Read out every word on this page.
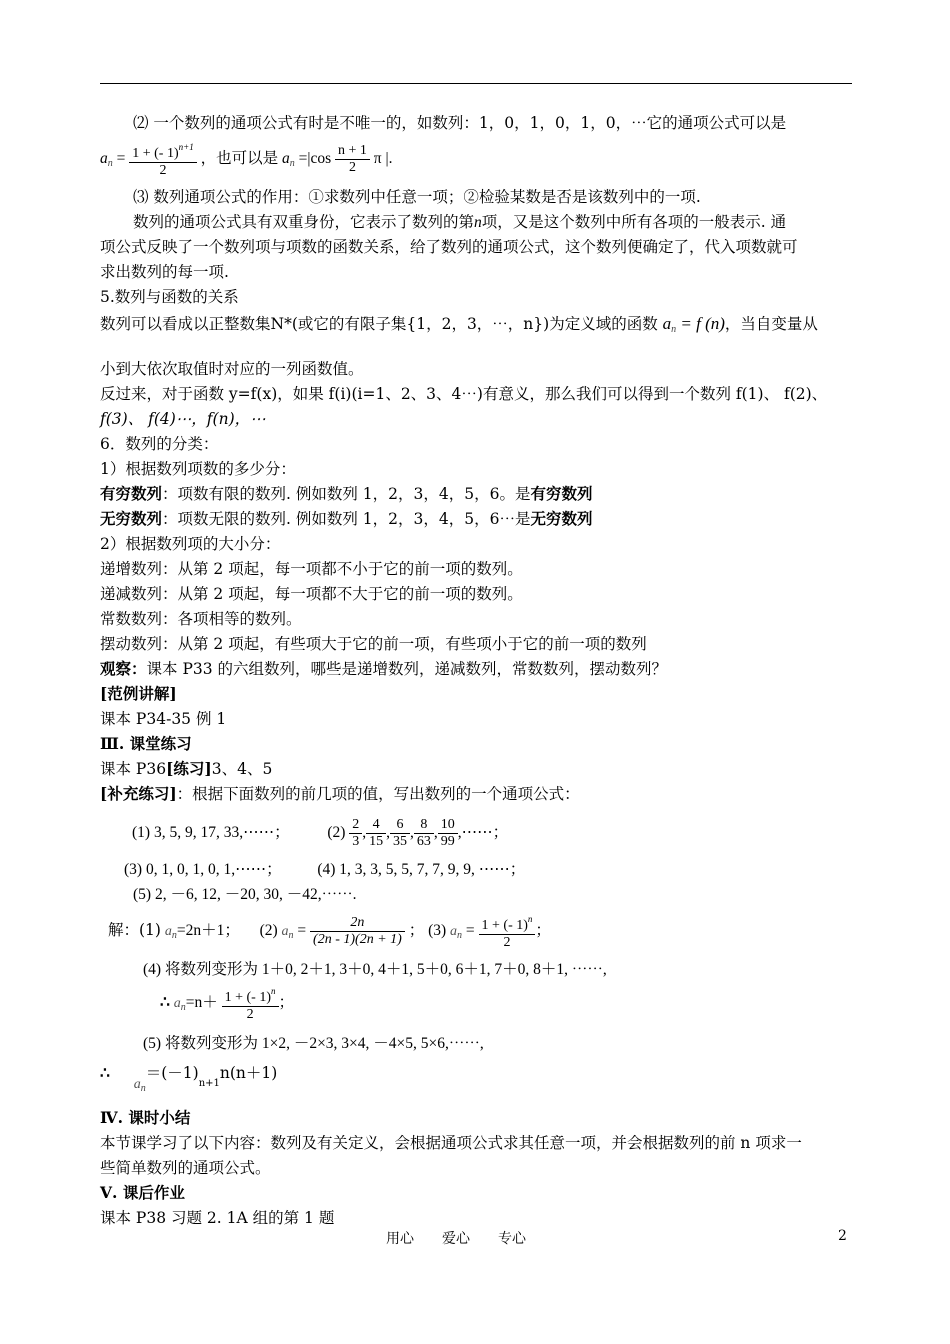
⑵ 一个数列的通项公式有时是不唯一的，如数列：1，0，1，0，1，0，⋯它的通项公式可以是
$a_n = \frac{1 + (- 1)^{n+1}}{2}$ ，也可以是 $a_n =|\cos \frac{n + 1}{2}$ π |.
⑶ 数列通项公式的作用：①求数列中任意一项；②检验某数是否是该数列中的一项.
数列的通项公式具有双重身份，它表示了数列的第n项，又是这个数列中所有各项的一般表示. 通
项公式反映了一个数列项与项数的函数关系，给了数列的通项公式，这个数列便确定了，代入项数就可
求出数列的每一项.
5.数列与函数的关系
数列可以看成以正整数集N*(或它的有限子集{1，2，3，⋯，n})为定义域的函数 $a_n = f$ (n)，当自变量从
小到大依次取值时对应的一列函数值。
反过来，对于函数 y=f(x)，如果 f(i)(i=1、2、3、4⋯)有意义，那么我们可以得到一个数列 f(1)、 f(2)、
f(3)、 f(4)⋯，f(n)，⋯
6．数列的分类：
1）根据数列项数的多少分：
有穷数列：项数有限的数列. 例如数列 1，2，3，4，5，6。是有穷数列
无穷数列：项数无限的数列. 例如数列 1，2，3，4，5，6⋯是无穷数列
2）根据数列项的大小分：
递增数列：从第 2 项起，每一项都不小于它的前一项的数列。
递减数列：从第 2 项起，每一项都不大于它的前一项的数列。
常数数列：各项相等的数列。
摆动数列：从第 2 项起，有些项大于它的前一项，有些项小于它的前一项的数列
观察：课本 P33 的六组数列，哪些是递增数列，递减数列，常数数列，摆动数列？
[范例讲解]
课本 P34-35 例 1
Ⅲ. 课堂练习
课本 P36[练习]3、4、5
[补充练习]：根据下面数列的前几项的值，写出数列的一个通项公式：
(1) 3, 5, 9, 17, 33,⋯⋯； $(2) \frac{2}{3}$ , $\frac{4}{15}$ , $\frac{6}{35}$ , $\frac{8}{63}$ , $\frac{10}{99}$ ,⋯⋯；
(3) 0, 1, 0, 1, 0, 1,⋯⋯； (4) 1, 3, 3, 5, 5, 7, 7, 9, 9, ⋯⋯；
(5) 2, －6, 12, －20, 30, －42,⋯⋯.
解：(1) $a_n=2n+1$； (2) $a_n = \frac{2n}{(2n - 1)(2n + 1)}$ ； (3) $a_n = \frac{1 + (- 1)^n}{2}$ ；
(4) 将数列变形为 1＋0, 2＋1, 3＋0, 4＋1, 5＋0, 6＋1, 7＋0, 8＋1, ⋯⋯,
∴ $a_n=n+ \frac{1 + (- 1)^n}{2}$ ；
(5) 将数列变形为 1×2, －2×3, 3×4, －4×5, 5×6,⋯⋯,
∴  $a_n=(-1)_{n+1}n(n+1)$
Ⅳ. 课时小结
本节课学习了以下内容：数列及有关定义，会根据通项公式求其任意一项，并会根据数列的前 n 项求一
些简单数列的通项公式。
Ⅴ. 课后作业
课本 P38 习题 2. 1A 组的第 1 题
用心　　爱心　　专心	2
